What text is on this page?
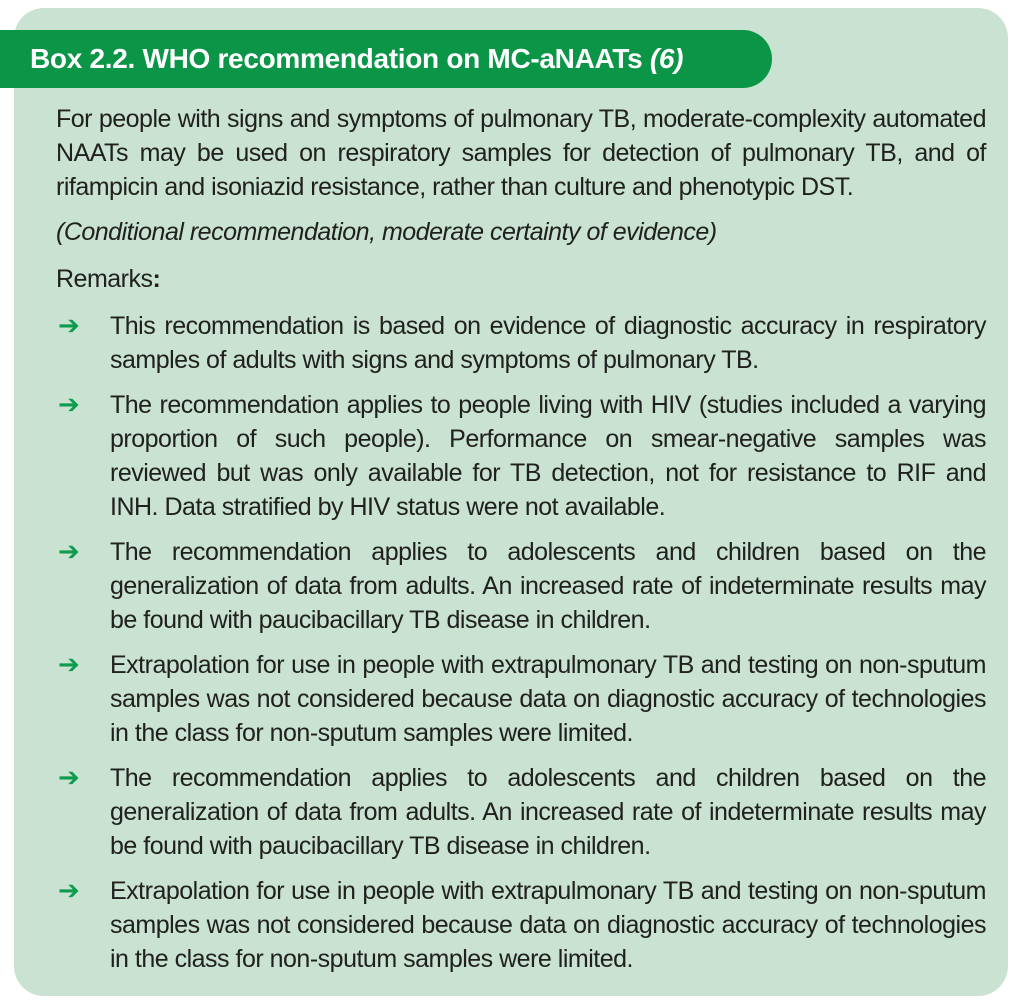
Box 2.2. WHO recommendation on MC-aNAATs (6)

For people with signs and symptoms of pulmonary TB, moderate-complexity automated NAATs may be used on respiratory samples for detection of pulmonary TB, and of rifampicin and isoniazid resistance, rather than culture and phenotypic DST.

(Conditional recommendation, moderate certainty of evidence)

Remarks:

➔	This recommendation is based on evidence of diagnostic accuracy in respiratory samples of adults with signs and symptoms of pulmonary TB.
➔	The recommendation applies to people living with HIV (studies included a varying proportion of such people). Performance on smear-negative samples was reviewed but was only available for TB detection, not for resistance to RIF and INH. Data stratified by HIV status were not available.
➔	The recommendation applies to adolescents and children based on the generalization of data from adults. An increased rate of indeterminate results may be found with paucibacillary TB disease in children.
➔	Extrapolation for use in people with extrapulmonary TB and testing on non-sputum samples was not considered because data on diagnostic accuracy of technologies in the class for non-sputum samples were limited.
➔	The recommendation applies to adolescents and children based on the generalization of data from adults. An increased rate of indeterminate results may be found with paucibacillary TB disease in children.
➔	Extrapolation for use in people with extrapulmonary TB and testing on non-sputum samples was not considered because data on diagnostic accuracy of technologies in the class for non-sputum samples were limited.
